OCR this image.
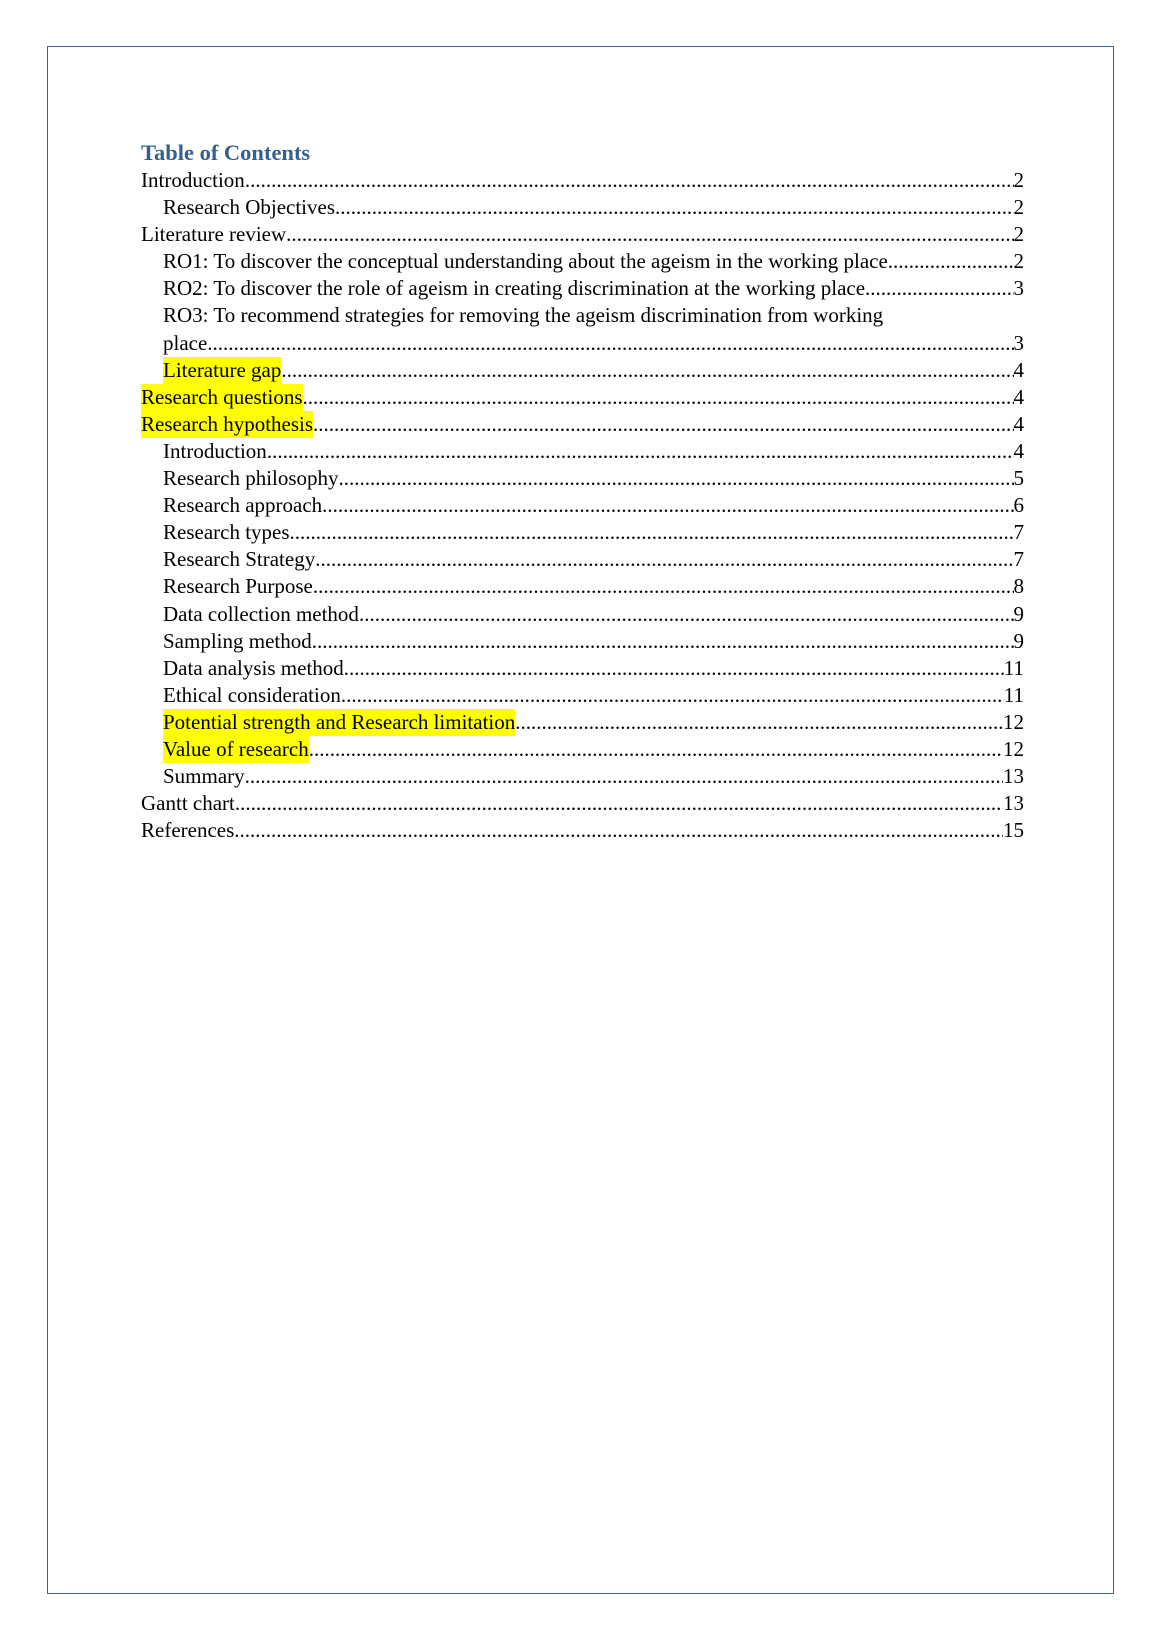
Table of Contents
Introduction .....	2
Research Objectives .....	2
Literature review .....	2
RO1: To discover the conceptual understanding about the ageism in the working place .....	2
RO2: To discover the role of ageism in creating discrimination at the working place .....	3
RO3: To recommend strategies for removing the ageism discrimination from working
place .....	3
Literature gap .....	4
Research questions .....	4
Research hypothesis .....	4
Introduction .....	4
Research philosophy .....	5
Research approach .....	6
Research types .....	7
Research Strategy .....	7
Research Purpose .....	8
Data collection method .....	9
Sampling method .....	9
Data analysis method .....	11
Ethical consideration .....	11
Potential strength and Research limitation .....	12
Value of research .....	12
Summary .....	13
Gantt chart .....	13
References .....	15
